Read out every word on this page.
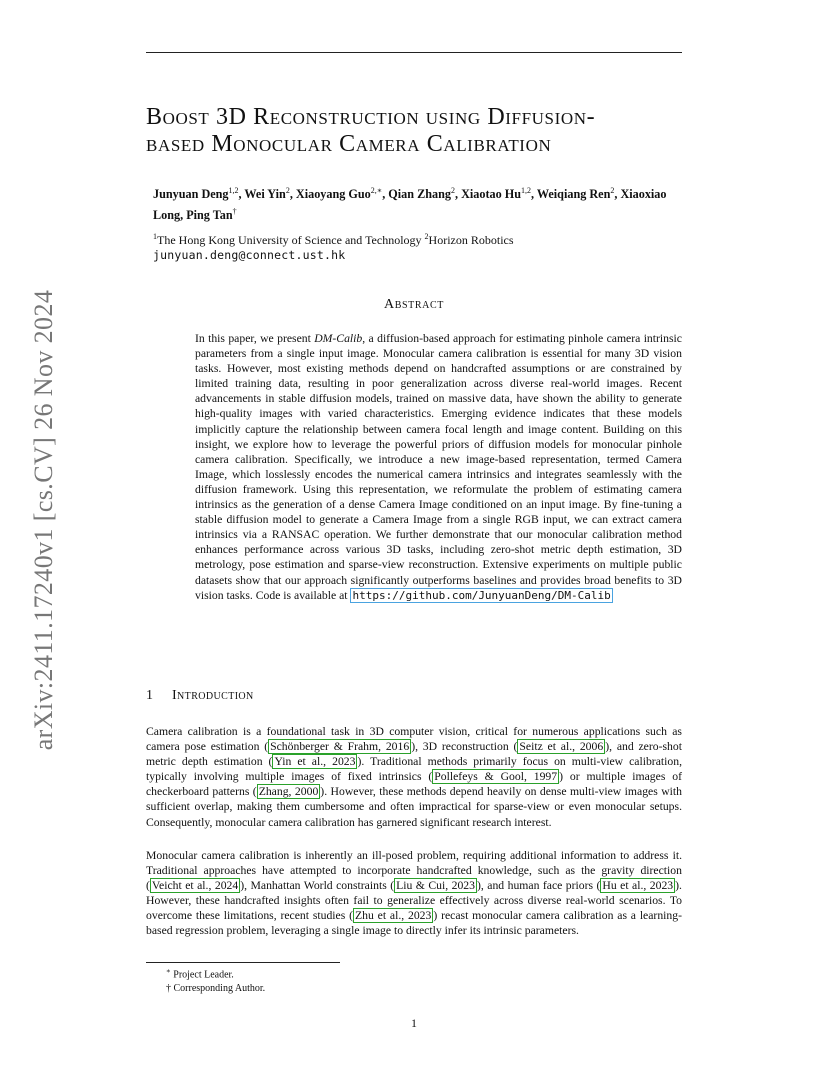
arXiv:2411.17240v1 [cs.CV] 26 Nov 2024
Boost 3D Reconstruction using Diffusion-
based Monocular Camera Calibration
Junyuan Deng$^{1,2}$, Wei Yin$^2$, Xiaoyang Guo$^{2,∗}$, Qian Zhang$^2$, Xiaotao Hu$^{1,2}$, Weiqiang Ren$^2$, Xiaoxiao Long, Ping Tan†
$^1$The Hong Kong University of Science and Technology $^2$Horizon Robotics
junyuan.deng@connect.ust.hk
Abstract
In this paper, we present DM-Calib, a diffusion-based approach for estimating pinhole camera intrinsic parameters from a single input image. Monocular camera calibration is essential for many 3D vision tasks. However, most existing methods depend on handcrafted assumptions or are constrained by limited training data, resulting in poor generalization across diverse real-world images. Recent advancements in stable diffusion models, trained on massive data, have shown the ability to generate high-quality images with varied characteristics. Emerging evidence indicates that these models implicitly capture the relationship between camera focal length and image content. Building on this insight, we explore how to leverage the powerful priors of diffusion models for monocular pinhole camera calibration. Specifically, we introduce a new image-based representation, termed Camera Image, which losslessly encodes the numerical camera intrinsics and integrates seamlessly with the diffusion framework. Using this representation, we reformulate the problem of estimating camera intrinsics as the generation of a dense Camera Image conditioned on an input image. By fine-tuning a stable diffusion model to generate a Camera Image from a single RGB input, we can extract camera intrinsics via a RANSAC operation. We further demonstrate that our monocular calibration method enhances performance across various 3D tasks, including zero-shot metric depth estimation, 3D metrology, pose estimation and sparse-view reconstruction. Extensive experiments on multiple public datasets show that our approach significantly outperforms baselines and provides broad benefits to 3D vision tasks. Code is available at https://github.com/JunyuanDeng/DM-Calib
1 Introduction
Camera calibration is a foundational task in 3D computer vision, critical for numerous applications such as camera pose estimation ( Schönberger & Frahm, 2016 ), 3D reconstruction ( Seitz et al., 2006 ), and zero-shot metric depth estimation ( Yin et al., 2023 ). Traditional methods primarily focus on multi-view calibration, typically involving multiple images of fixed intrinsics ( Pollefeys & Gool, 1997 ) or multiple images of checkerboard patterns ( Zhang, 2000 ). However, these methods depend heavily on dense multi-view images with sufficient overlap, making them cumbersome and often impractical for sparse-view or even monocular setups. Consequently, monocular camera calibration has garnered significant research interest.
Monocular camera calibration is inherently an ill-posed problem, requiring additional information to address it. Traditional approaches have attempted to incorporate handcrafted knowledge, such as the gravity direction ( Veicht et al., 2024 ), Manhattan World constraints ( Liu & Cui, 2023 ), and human face priors ( Hu et al., 2023 ). However, these handcrafted insights often fail to generalize effectively across diverse real-world scenarios. To overcome these limitations, recent studies ( Zhu et al., 2023 ) recast monocular camera calibration as a learning-based regression problem, leveraging a single image to directly infer its intrinsic parameters.
∗ Project Leader.
† Corresponding Author.
1
